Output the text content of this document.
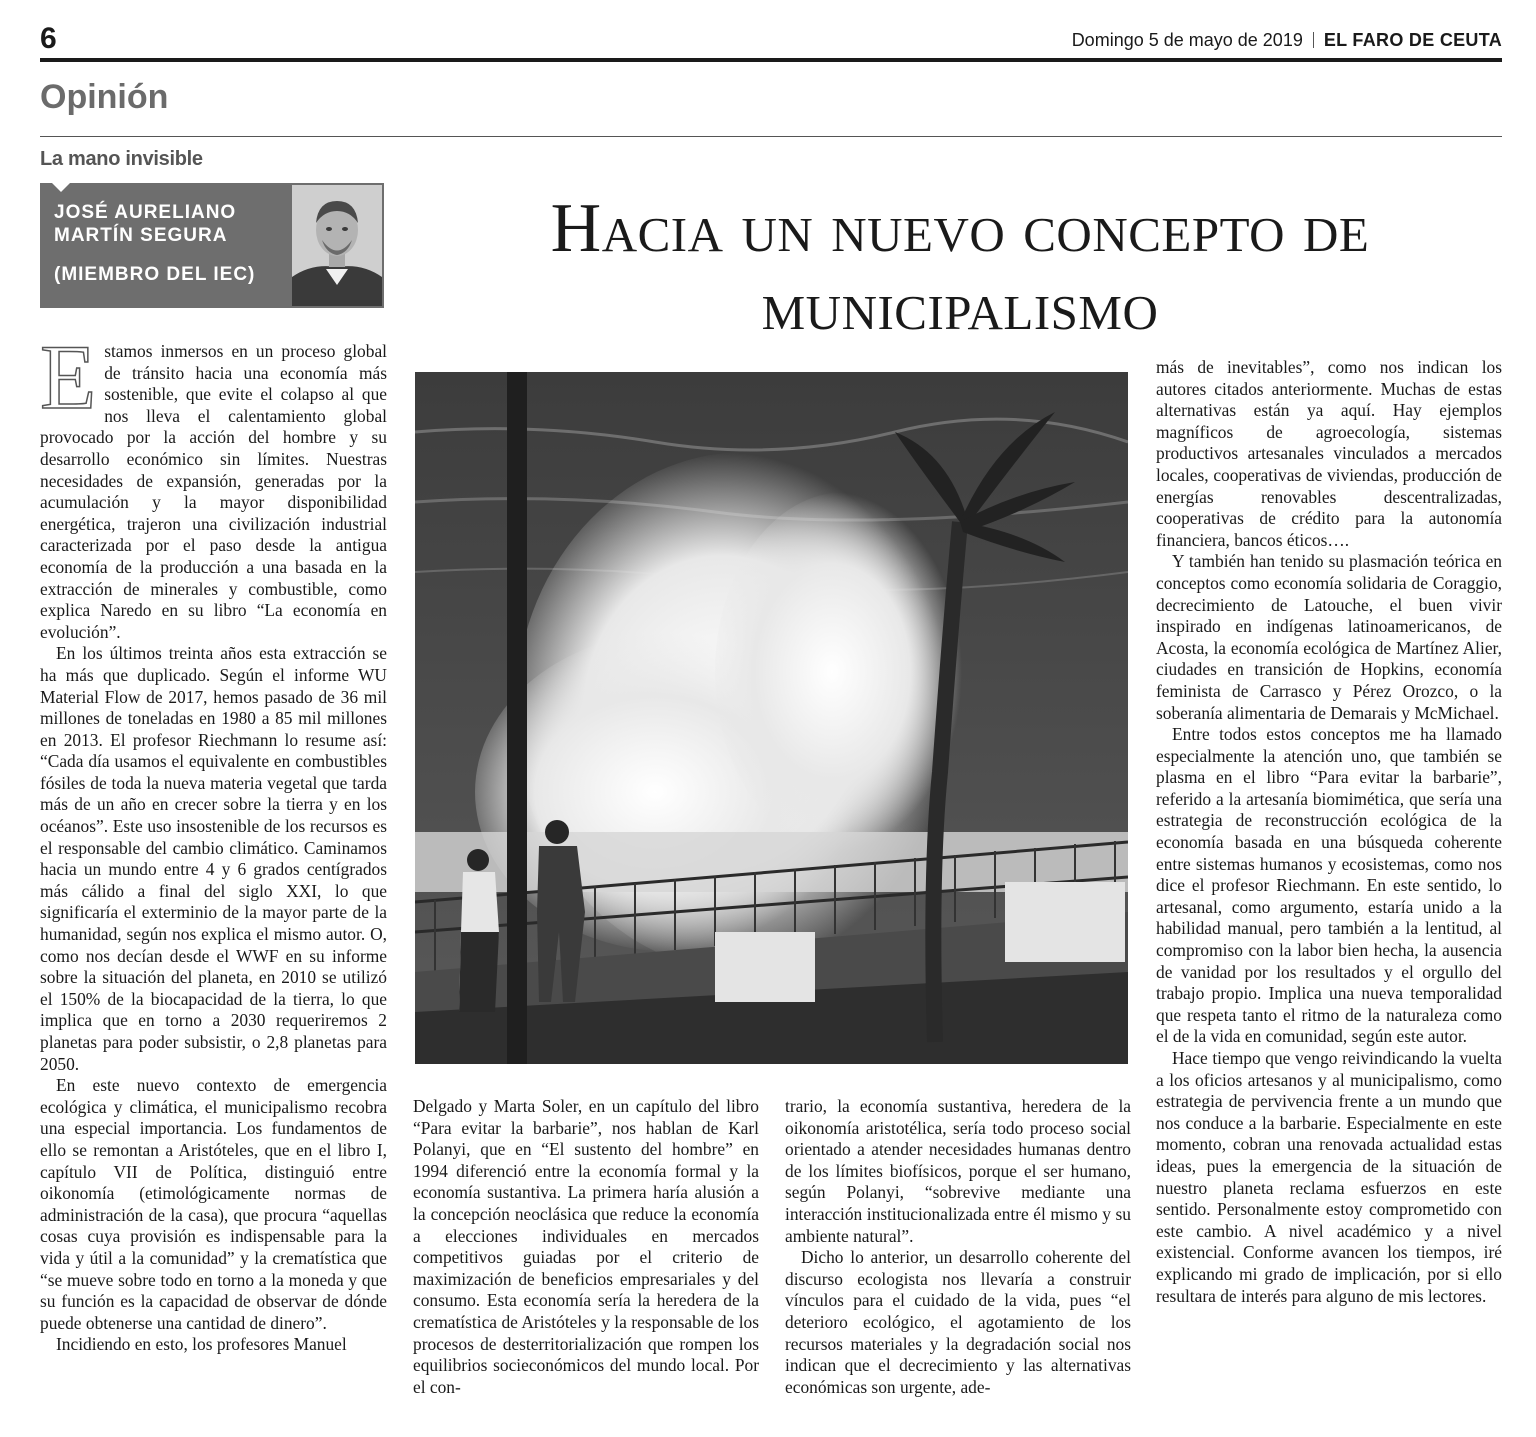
6	Domingo 5 de mayo de 2019 EL FARO DE CEUTA
Opinión
La mano invisible
JOSÉ AURELIANO
MARTÍN SEGURA
(MIEMBRO DEL IEC)
Hacia un nuevo concepto de
municipalismo

Estamos inmersos en un proceso global de tránsito hacia una economía más sostenible, que evite el colapso al que nos lleva el calentamiento global provocado por la acción del hombre y su desarrollo económico sin límites. Nuestras necesidades de expansión, generadas por la acumulación y la mayor disponibilidad energética, trajeron una civilización industrial caracterizada por el paso desde la antigua economía de la producción a una basada en la extracción de minerales y combustible, como explica Naredo en su libro “La economía en evolución”.

En los últimos treinta años esta extracción se ha más que duplicado. Según el informe WU Material Flow de 2017, hemos pasado de 36 mil millones de toneladas en 1980 a 85 mil millones en 2013. El profesor Riechmann lo resume así: “Cada día usamos el equivalente en combustibles fósiles de toda la nueva materia vegetal que tarda más de un año en crecer sobre la tierra y en los océanos”. Este uso insostenible de los recursos es el responsable del cambio climático. Caminamos hacia un mundo entre 4 y 6 grados centígrados más cálido a final del siglo XXI, lo que significaría el exterminio de la mayor parte de la humanidad, según nos explica el mismo autor. O, como nos decían desde el WWF en su informe sobre la situación del planeta, en 2010 se utilizó el 150% de la biocapacidad de la tierra, lo que implica que en torno a 2030 requeriremos 2 planetas para poder subsistir, o 2,8 planetas para 2050.

En este nuevo contexto de emergencia ecológica y climática, el municipalismo recobra una especial importancia. Los fundamentos de ello se remontan a Aristóteles, que en el libro I, capítulo VII de Política, distinguió entre oikonomía (etimológicamente normas de administración de la casa), que procura “aquellas cosas cuya provisión es indispensable para la vida y útil a la comunidad” y la crematística que “se mueve sobre todo en torno a la moneda y que su función es la capacidad de observar de dónde puede obtenerse una cantidad de dinero”.

Incidiendo en esto, los profesores Manuel

Delgado y Marta Soler, en un capítulo del libro “Para evitar la barbarie”, nos hablan de Karl Polanyi, que en “El sustento del hombre” en 1994 diferenció entre la economía formal y la economía sustantiva. La primera haría alusión a la concepción neoclásica que reduce la economía a elecciones individuales en mercados competitivos guiadas por el criterio de maximización de beneficios empresariales y del consumo. Esta economía sería la heredera de la crematística de Aristóteles y la responsable de los procesos de desterritorialización que rompen los equilibrios socieconómicos del mundo local. Por el con-

trario, la economía sustantiva, heredera de la oikonomía aristotélica, sería todo proceso social orientado a atender necesidades humanas dentro de los límites biofísicos, porque el ser humano, según Polanyi, “sobrevive mediante una interacción institucionalizada entre él mismo y su ambiente natural”.

Dicho lo anterior, un desarrollo coherente del discurso ecologista nos llevaría a construir vínculos para el cuidado de la vida, pues “el deterioro ecológico, el agotamiento de los recursos materiales y la degradación social nos indican que el decrecimiento y las alternativas económicas son urgente, ade-

más de inevitables”, como nos indican los autores citados anteriormente. Muchas de estas alternativas están ya aquí. Hay ejemplos magníficos de agroecología, sistemas productivos artesanales vinculados a mercados locales, cooperativas de viviendas, producción de energías renovables descentralizadas, cooperativas de crédito para la autonomía financiera, bancos éticos….

Y también han tenido su plasmación teórica en conceptos como economía solidaria de Coraggio, decrecimiento de Latouche, el buen vivir inspirado en indígenas latinoamericanos, de Acosta, la economía ecológica de Martínez Alier, ciudades en transición de Hopkins, economía feminista de Carrasco y Pérez Orozco, o la soberanía alimentaria de Demarais y McMichael.

Entre todos estos conceptos me ha llamado especialmente la atención uno, que también se plasma en el libro “Para evitar la barbarie”, referido a la artesanía biomimética, que sería una estrategia de reconstrucción ecológica de la economía basada en una búsqueda coherente entre sistemas humanos y ecosistemas, como nos dice el profesor Riechmann. En este sentido, lo artesanal, como argumento, estaría unido a la habilidad manual, pero también a la lentitud, al compromiso con la labor bien hecha, la ausencia de vanidad por los resultados y el orgullo del trabajo propio. Implica una nueva temporalidad que respeta tanto el ritmo de la naturaleza como el de la vida en comunidad, según este autor.

Hace tiempo que vengo reivindicando la vuelta a los oficios artesanos y al municipalismo, como estrategia de pervivencia frente a un mundo que nos conduce a la barbarie. Especialmente en este momento, cobran una renovada actualidad estas ideas, pues la emergencia de la situación de nuestro planeta reclama esfuerzos en este sentido. Personalmente estoy comprometido con este cambio. A nivel académico y a nivel existencial. Conforme avancen los tiempos, iré explicando mi grado de implicación, por si ello resultara de interés para alguno de mis lectores.
